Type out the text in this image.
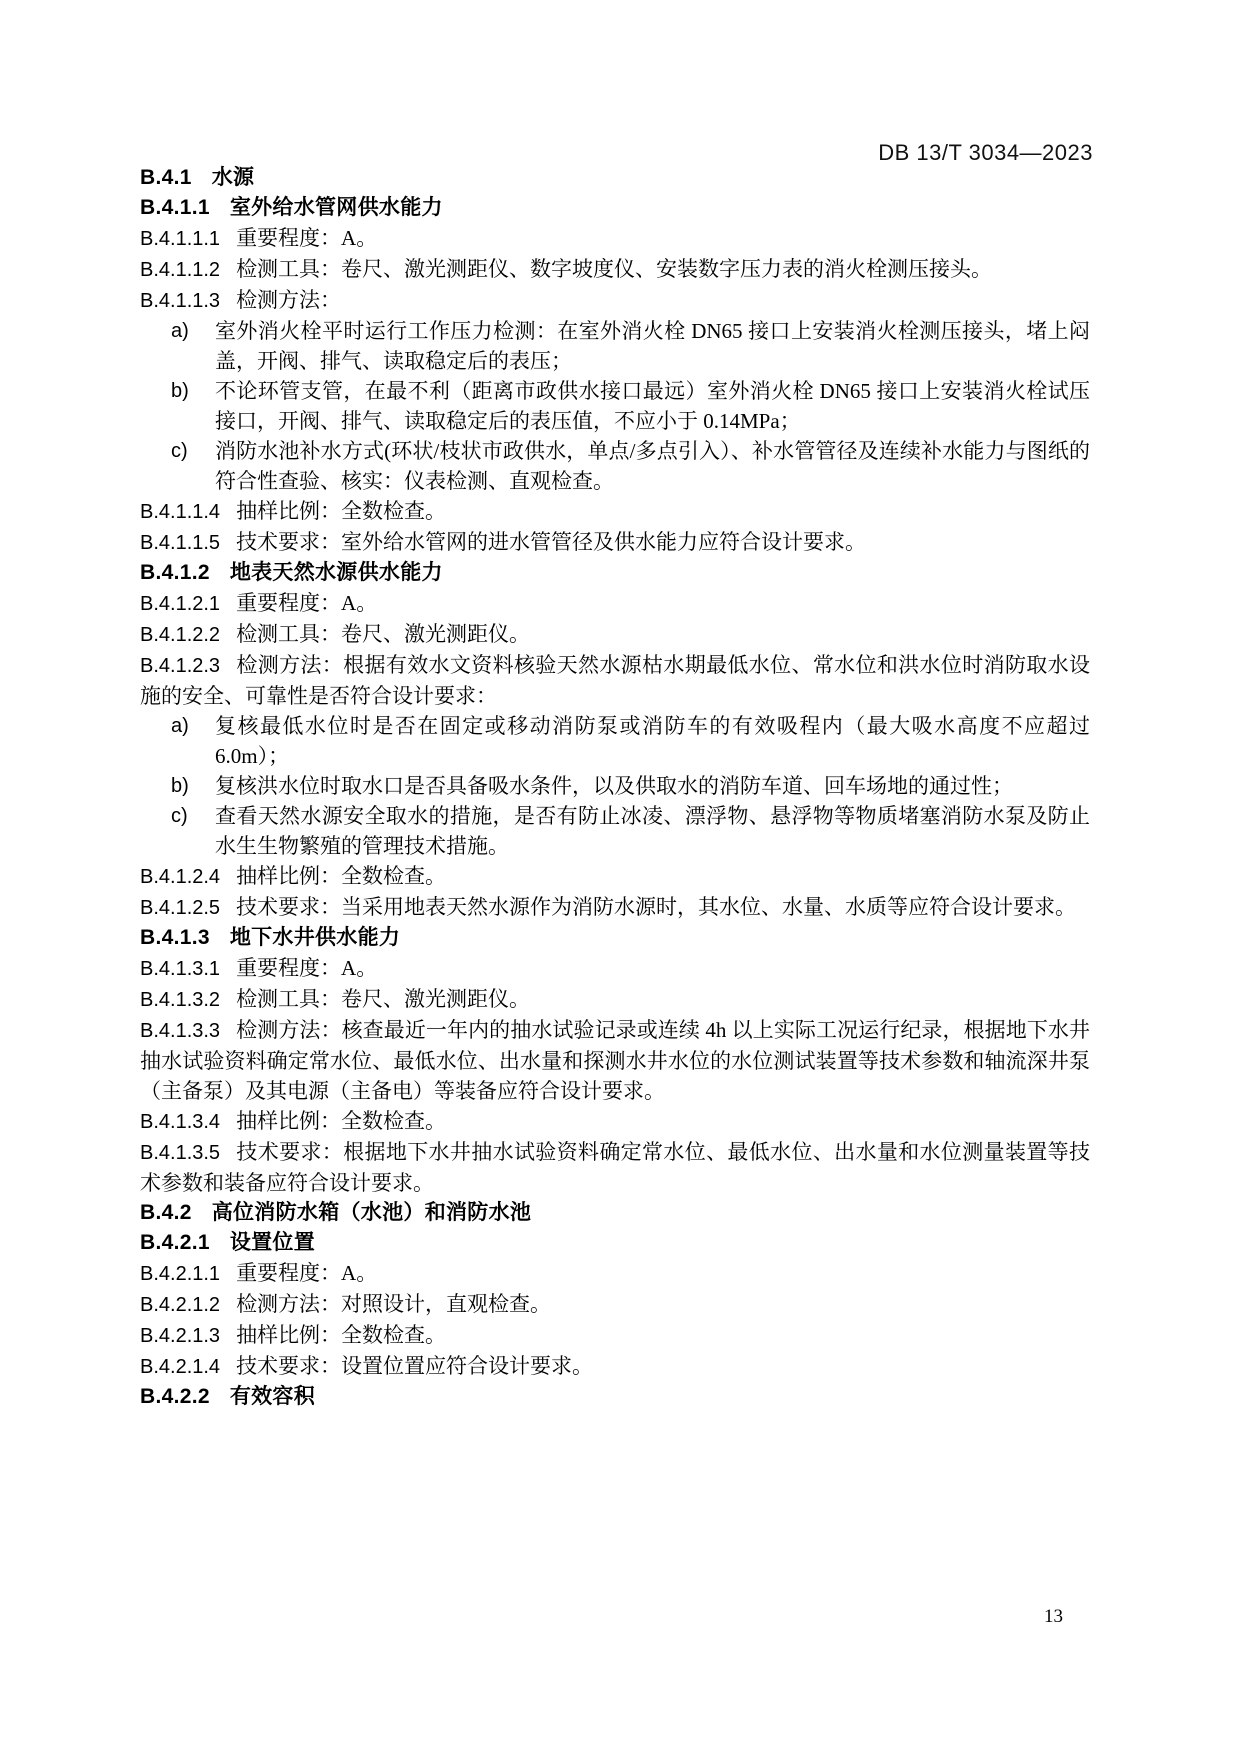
DB 13/T 3034—2023

B.4.1 水源

B.4.1.1 室外给水管网供水能力

B.4.1.1.1 重要程度：A。

B.4.1.1.2 检测工具：卷尺、激光测距仪、数字坡度仪、安装数字压力表的消火栓测压接头。

B.4.1.1.3 检测方法：

a) 室外消火栓平时运行工作压力检测：在室外消火栓 DN65 接口上安装消火栓测压接头，堵上闷盖，开阀、排气、读取稳定后的表压；
b) 不论环管支管，在最不利（距离市政供水接口最远）室外消火栓 DN65 接口上安装消火栓试压接口，开阀、排气、读取稳定后的表压值，不应小于 0.14MPa；
c) 消防水池补水方式(环状/枝状市政供水，单点/多点引入）、补水管管径及连续补水能力与图纸的符合性查验、核实：仪表检测、直观检查。

B.4.1.1.4 抽样比例：全数检查。

B.4.1.1.5 技术要求：室外给水管网的进水管管径及供水能力应符合设计要求。

B.4.1.2 地表天然水源供水能力

B.4.1.2.1 重要程度：A。

B.4.1.2.2 检测工具：卷尺、激光测距仪。

B.4.1.2.3 检测方法：根据有效水文资料核验天然水源枯水期最低水位、常水位和洪水位时消防取水设施的安全、可靠性是否符合设计要求：

a) 复核最低水位时是否在固定或移动消防泵或消防车的有效吸程内（最大吸水高度不应超过 6.0m）；
b) 复核洪水位时取水口是否具备吸水条件，以及供取水的消防车道、回车场地的通过性；
c) 查看天然水源安全取水的措施，是否有防止冰凌、漂浮物、悬浮物等物质堵塞消防水泵及防止水生生物繁殖的管理技术措施。

B.4.1.2.4 抽样比例：全数检查。

B.4.1.2.5 技术要求：当采用地表天然水源作为消防水源时，其水位、水量、水质等应符合设计要求。

B.4.1.3 地下水井供水能力

B.4.1.3.1 重要程度：A。

B.4.1.3.2 检测工具：卷尺、激光测距仪。

B.4.1.3.3 检测方法：核查最近一年内的抽水试验记录或连续 4h 以上实际工况运行纪录，根据地下水井抽水试验资料确定常水位、最低水位、出水量和探测水井水位的水位测试装置等技术参数和轴流深井泵（主备泵）及其电源（主备电）等装备应符合设计要求。

B.4.1.3.4 抽样比例：全数检查。

B.4.1.3.5 技术要求：根据地下水井抽水试验资料确定常水位、最低水位、出水量和水位测量装置等技术参数和装备应符合设计要求。

B.4.2 高位消防水箱（水池）和消防水池

B.4.2.1 设置位置

B.4.2.1.1 重要程度：A。

B.4.2.1.2 检测方法：对照设计，直观检查。

B.4.2.1.3 抽样比例：全数检查。

B.4.2.1.4 技术要求：设置位置应符合设计要求。

B.4.2.2 有效容积

13
